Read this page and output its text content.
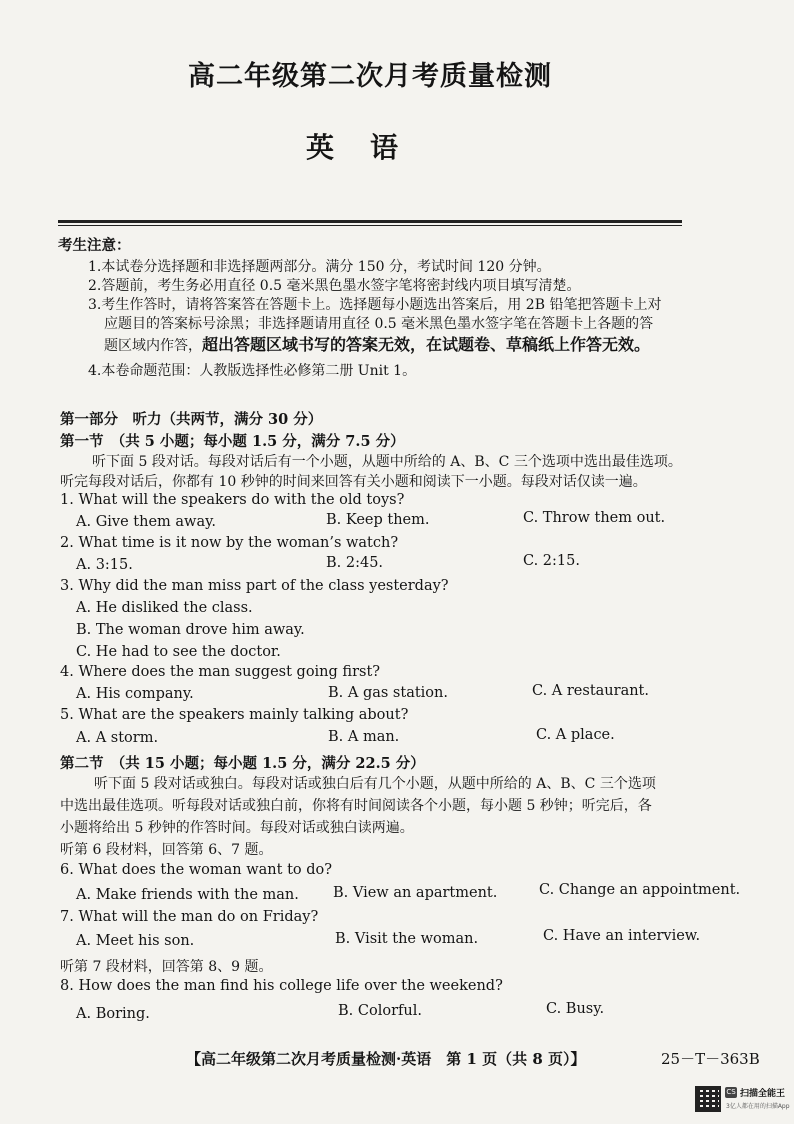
高二年级第二次月考质量检测
英语
考生注意：
1.本试卷分选择题和非选择题两部分。满分 150 分，考试时间 120 分钟。
2.答题前，考生务必用直径 0.5 毫米黑色墨水签字笔将密封线内项目填写清楚。
3.考生作答时，请将答案答在答题卡上。选择题每小题选出答案后，用 2B 铅笔把答题卡上对
应题目的答案标号涂黑；非选择题请用直径 0.5 毫米黑色墨水签字笔在答题卡上各题的答
题区域内作答，超出答题区域书写的答案无效，在试题卷、草稿纸上作答无效。
4.本卷命题范围：人教版选择性必修第二册 Unit 1。
第一部分　听力（共两节，满分 30 分）
第一节　（共 5 小题；每小题 1.5 分，满分 7.5 分）
听下面 5 段对话。每段对话后有一个小题，从题中所给的 A、B、C 三个选项中选出最佳选项。
听完每段对话后，你都有 10 秒钟的时间来回答有关小题和阅读下一小题。每段对话仅读一遍。
1. What will the speakers do with the old toys?
A. Give them away.	B. Keep them.	C. Throw them out.
2. What time is it now by the woman’s watch?
A. 3:15.	B. 2:45.	C. 2:15.
3. Why did the man miss part of the class yesterday?
A. He disliked the class.
B. The woman drove him away.
C. He had to see the doctor.
4. Where does the man suggest going first?
A. His company.	B. A gas station.	C. A restaurant.
5. What are the speakers mainly talking about?
A. A storm.	B. A man.	C. A place.
第二节　（共 15 小题；每小题 1.5 分，满分 22.5 分）
听下面 5 段对话或独白。每段对话或独白后有几个小题，从题中所给的 A、B、C 三个选项
中选出最佳选项。听每段对话或独白前，你将有时间阅读各个小题，每小题 5 秒钟；听完后，各
小题将给出 5 秒钟的作答时间。每段对话或独白读两遍。
听第 6 段材料，回答第 6、7 题。
6. What does the woman want to do?
A. Make friends with the man. B. View an apartment.	C. Change an appointment.
7. What will the man do on Friday?
A. Meet his son.	B. Visit the woman.	C. Have an interview.
听第 7 段材料，回答第 8、9 题。
8. How does the man find his college life over the weekend?
A. Boring.	B. Colorful.	C. Busy.
【高二年级第二次月考质量检测·英语　第 1 页（共 8 页）】	25－T－363B
CS 扫描全能王
3亿人都在用的扫描App
